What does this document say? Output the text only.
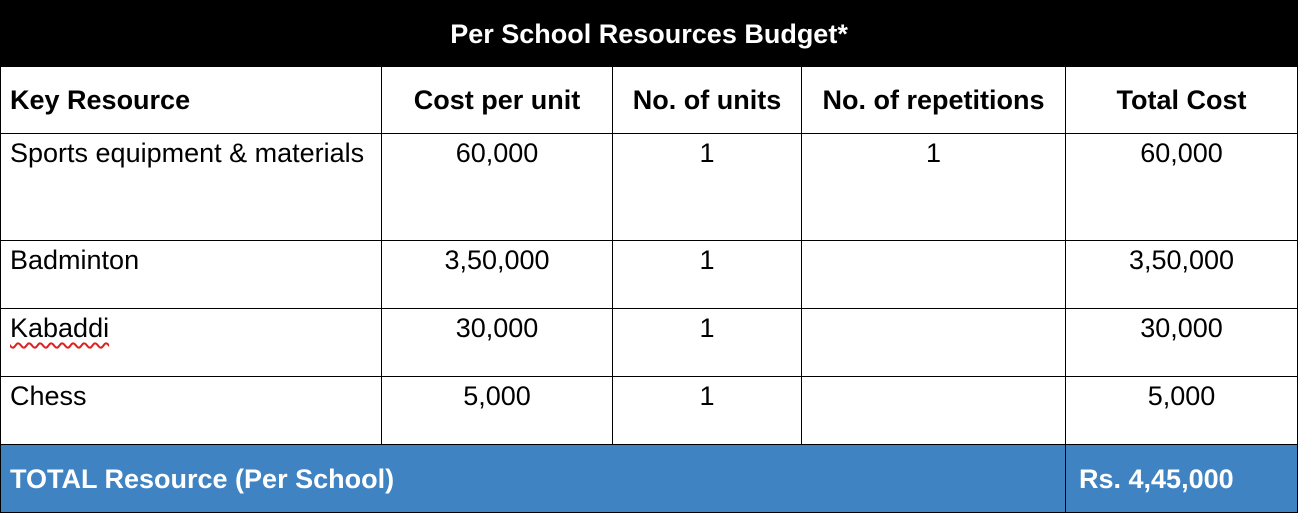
Per School Resources Budget*				
Key Resource	Cost per unit	No. of units	No. of repetitions	Total Cost
Sports equipment & materials	60,000	1	1	60,000
Badminton	3,50,000	1		3,50,000
Kabaddi	30,000	1		30,000
Chess	5,000	1		5,000
TOTAL Resource (Per School)				Rs. 4,45,000
